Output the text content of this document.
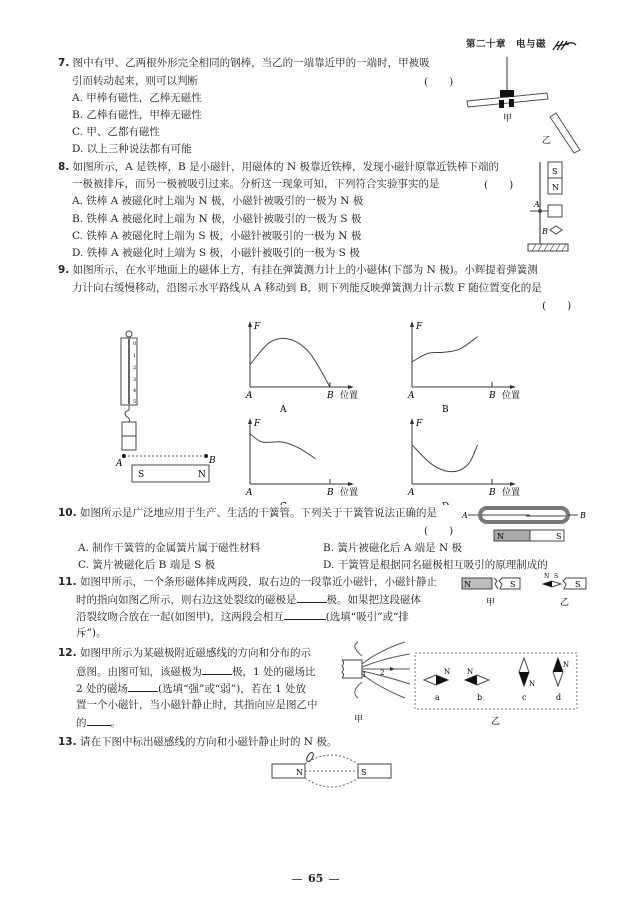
第二十章　电与磁
7. 图中有甲、乙两根外形完全相同的钢棒，当乙的一端靠近甲的一端时，甲被吸
引而转动起来，则可以判断	(　　)
A. 甲棒有磁性，乙棒无磁性
B. 乙棒有磁性，甲棒无磁性
C. 甲、乙都有磁性
D. 以上三种说法都有可能
甲
乙
8. 如图所示，A 是铁棒，B 是小磁针，用磁体的 N 极靠近铁棒，发现小磁针原靠近铁棒下端的
一极被排斥，而另一极被吸引过来。分析这一现象可知，下列符合实验事实的是	(　　)
A. 铁棒 A 被磁化时上端为 N 极，小磁针被吸引的一极为 N 极
B. 铁棒 A 被磁化时上端为 N 极，小磁针被吸引的一极为 S 极
C. 铁棒 A 被磁化时上端为 S 极，小磁针被吸引的一极为 N 极
D. 铁棒 A 被磁化时上端为 S 极，小磁针被吸引的一极为 S 极
S
N
A
B
9. 如图所示，在水平地面上的磁体上方，有挂在弹簧测力计上的小磁体(下部为 N 极)。小辉提着弹簧测
力计向右缓慢移动，沿图示水平路线从 A 移动到 B，则下列能反映弹簧测力计示数 F 随位置变化的是
(　　)
0
1
2
3
4
5
A	B
S	N
F
A	B 位置
A
F
A	B 位置
B
F
A	B 位置
F
A	B 位置
10. 如图所示是广泛地应用于生产、生活的干簧管。下列关于干簧管说法正确的是
(　　)
A. 制作干簧管的金属簧片属于磁性材料	B. 簧片被磁化后 A 端是 N 极
C. 簧片被磁化后 B 端是 S 极	D. 干簧管是根据同名磁极相互吸引的原理制成的
A	B
N	S
11. 如图甲所示，一个条形磁体摔成两段，取右边的一段靠近小磁针，小磁针静止
时的指向如图乙所示，则右边这处裂纹的磁极是	极。如果把这段磁体
沿裂纹吻合放在一起(如图甲)，这两段会相互	(选填“吸引”或“排
斥”)。
N	S
甲
N S
S
乙
12. 如图甲所示为某磁极附近磁感线的方向和分布的示
意图。由图可知，该磁极为	极，1 处的磁场比
2 处的磁场	(选填“强”或“弱”)，若在 1 处放
置一个小磁针，当小磁针静止时，其指向应是图乙中
的 。
1 2
甲
N
a
N
b
N
c
N
d
乙
13. 请在下图中标出磁感线的方向和小磁针静止时的 N 极。
N	S
65
